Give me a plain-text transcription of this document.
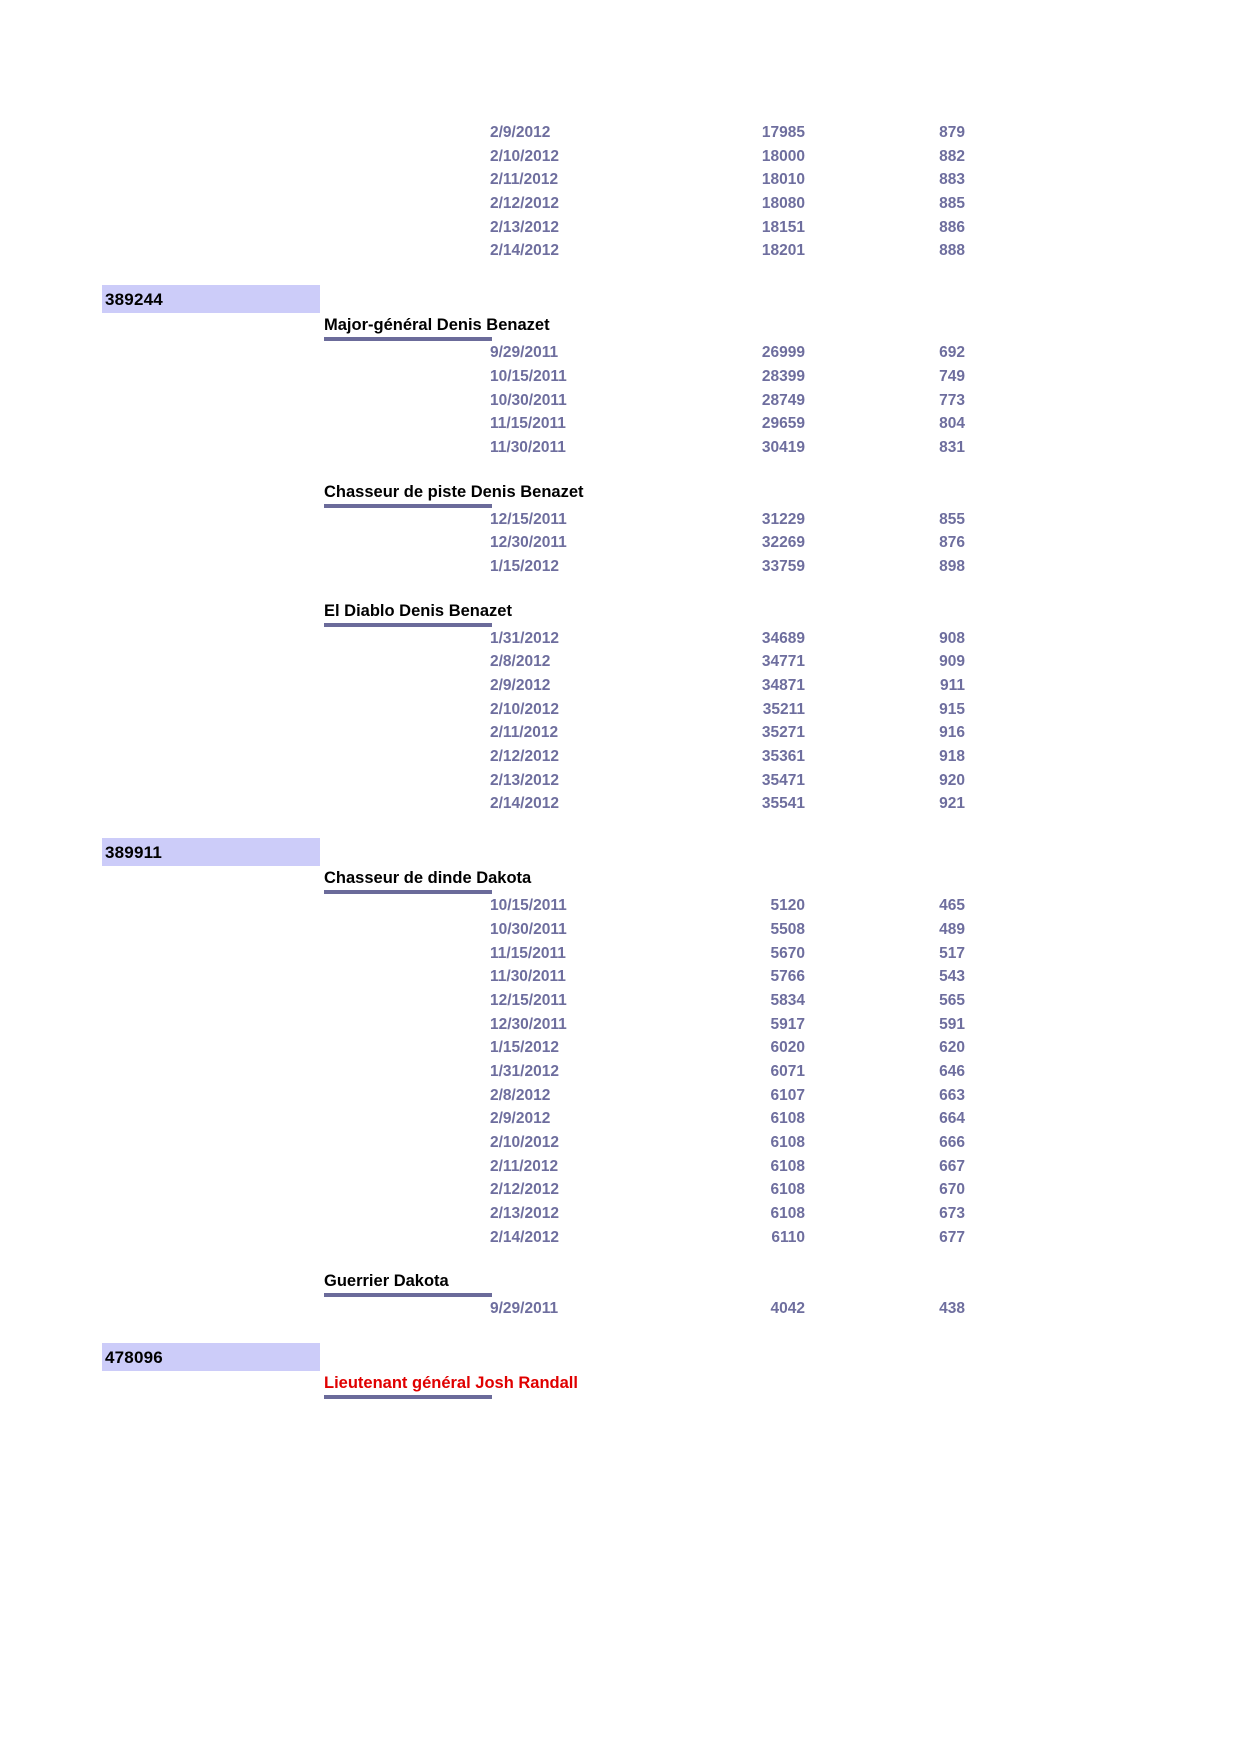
2/9/2012	17985	879
2/10/2012	18000	882
2/11/2012	18010	883
2/12/2012	18080	885
2/13/2012	18151	886
2/14/2012	18201	888
389244
Major-général Denis Benazet
9/29/2011	26999	692
10/15/2011	28399	749
10/30/2011	28749	773
11/15/2011	29659	804
11/30/2011	30419	831
Chasseur de piste Denis Benazet
12/15/2011	31229	855
12/30/2011	32269	876
1/15/2012	33759	898
El Diablo Denis Benazet
1/31/2012	34689	908
2/8/2012	34771	909
2/9/2012	34871	911
2/10/2012	35211	915
2/11/2012	35271	916
2/12/2012	35361	918
2/13/2012	35471	920
2/14/2012	35541	921
389911
Chasseur de dinde Dakota
10/15/2011	5120	465
10/30/2011	5508	489
11/15/2011	5670	517
11/30/2011	5766	543
12/15/2011	5834	565
12/30/2011	5917	591
1/15/2012	6020	620
1/31/2012	6071	646
2/8/2012	6107	663
2/9/2012	6108	664
2/10/2012	6108	666
2/11/2012	6108	667
2/12/2012	6108	670
2/13/2012	6108	673
2/14/2012	6110	677
Guerrier Dakota
9/29/2011	4042	438
478096
Lieutenant général Josh Randall
